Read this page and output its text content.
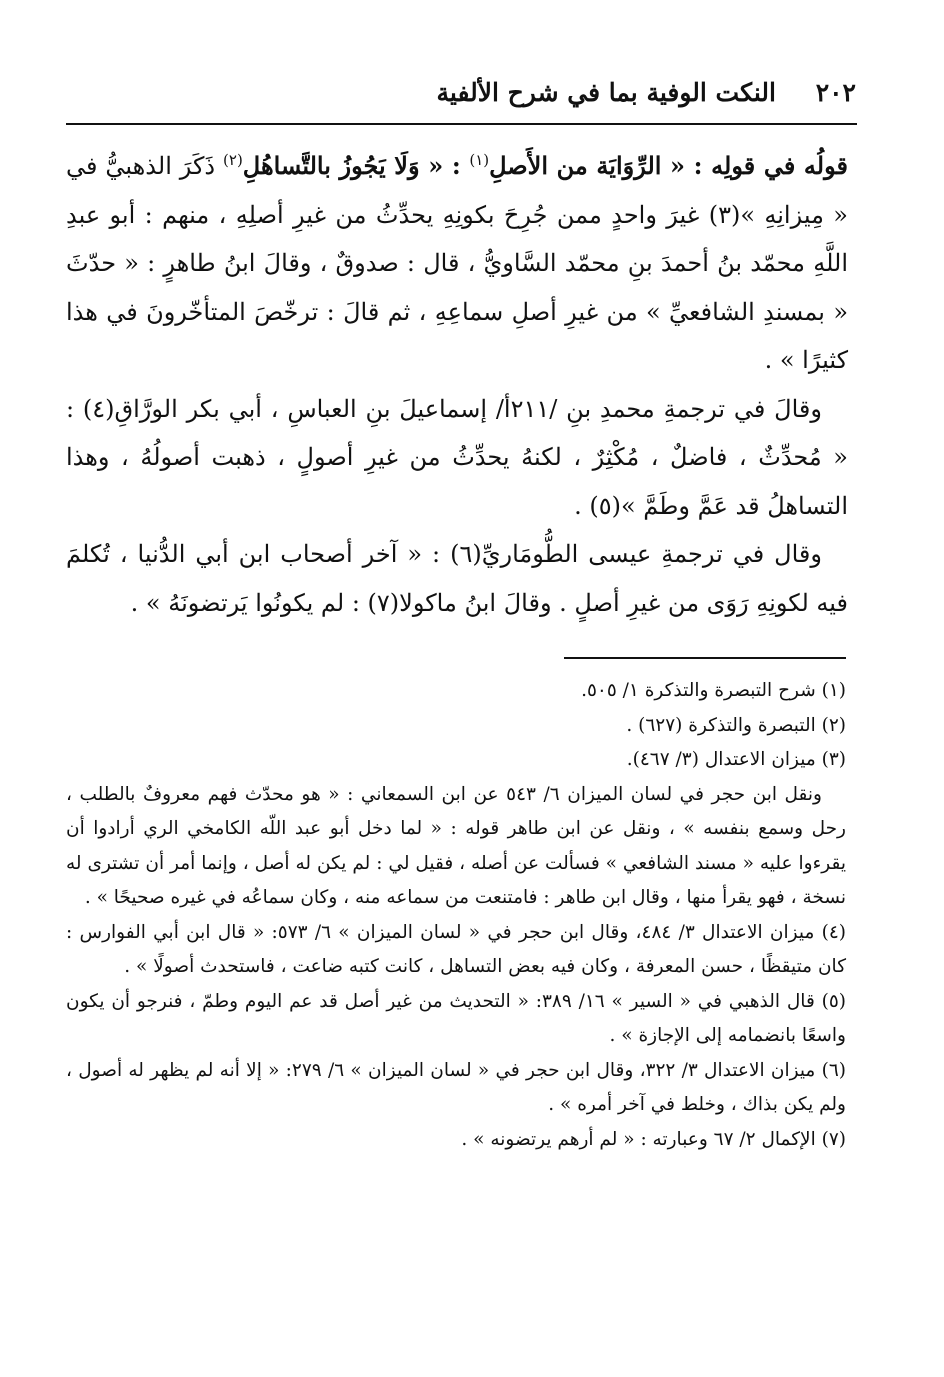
٢٠٢
النكت الوفية بما في شرح الألفية

قولُه في قولِه : « الرِّوَايَة من الأَصلِ$^{(١)}$ : « وَلَا يَجُوزُ بالتَّساهُلِ$^{(٢)}$ ذَكَرَ الذهبيُّ في « مِيزانِهِ »(٣) غيرَ واحدٍ ممن جُرِحَ بكونِهِ يحدِّثُ من غيرِ أصلِهِ ، منهم : أبو عبدِ اللَّهِ محمّد بنُ أحمدَ بنِ محمّد السَّاويُّ ، قال : صدوقٌ ، وقالَ ابنُ طاهرٍ : « حدّثَ « بمسندِ الشافعيِّ » من غيرِ أصلِ سماعِهِ ، ثم قالَ : ترخّصَ المتأخّرونَ في هذا كثيرًا » .

وقالَ في ترجمةِ محمدِ بنِ /٢١١أ/ إسماعيلَ بنِ العباسِ ، أبي بكر الورَّاقِ(٤) : « مُحدِّثٌ ، فاضلٌ ، مُكْثِرٌ ، لكنهُ يحدِّثُ من غيرِ أصولٍ ، ذهبت أصولُهُ ، وهذا التساهلُ قد عَمَّ وطَمَّ »(٥) .

وقال في ترجمةِ عيسى الطُّومَاريِّ(٦) : « آخر أصحاب ابن أبي الدُّنيا ، تُكلمَ فيه لكونِهِ رَوَى من غيرِ أصلٍ . وقالَ ابنُ ماكولا(٧) : لم يكونُوا يَرتضونَهُ » .

(١) شرح التبصرة والتذكرة ١/ ٥٠٥.

(٢) التبصرة والتذكرة (٦٢٧) .

(٣) ميزان الاعتدال (٣/ ٤٦٧).

ونقل ابن حجر في لسان الميزان ٦/ ٥٤٣ عن ابن السمعاني : « هو محدّث فهم معروفٌ بالطلب ، رحل وسمع بنفسه » ، ونقل عن ابن طاهر قوله : « لما دخل أبو عبد اللّه الكامخي الري أرادوا أن يقرءوا عليه « مسند الشافعي » فسألت عن أصله ، فقيل لي : لم يكن له أصل ، وإنما أمر أن تشترى له نسخة ، فهو يقرأ منها ، وقال ابن طاهر : فامتنعت من سماعه منه ، وكان سماعُه في غيره صحيحًا » .

(٤) ميزان الاعتدال ٣/ ٤٨٤، وقال ابن حجر في « لسان الميزان » ٦/ ٥٧٣: « قال ابن أبي الفوارس : كان متيقظًا ، حسن المعرفة ، وكان فيه بعض التساهل ، كانت كتبه ضاعت ، فاستحدث أصولًا » .

(٥) قال الذهبي في « السير » ١٦/ ٣٨٩: « التحديث من غير أصل قد عم اليوم وطمّ ، فنرجو أن يكون واسعًا بانضمامه إلى الإجازة » .

(٦) ميزان الاعتدال ٣/ ٣٢٢، وقال ابن حجر في « لسان الميزان » ٦/ ٢٧٩: « إلا أنه لم يظهر له أصول ، ولم يكن بذاك ، وخلط في آخر أمره » .

(٧) الإكمال ٢/ ٦٧ وعبارته : « لم أرهم يرتضونه » .
